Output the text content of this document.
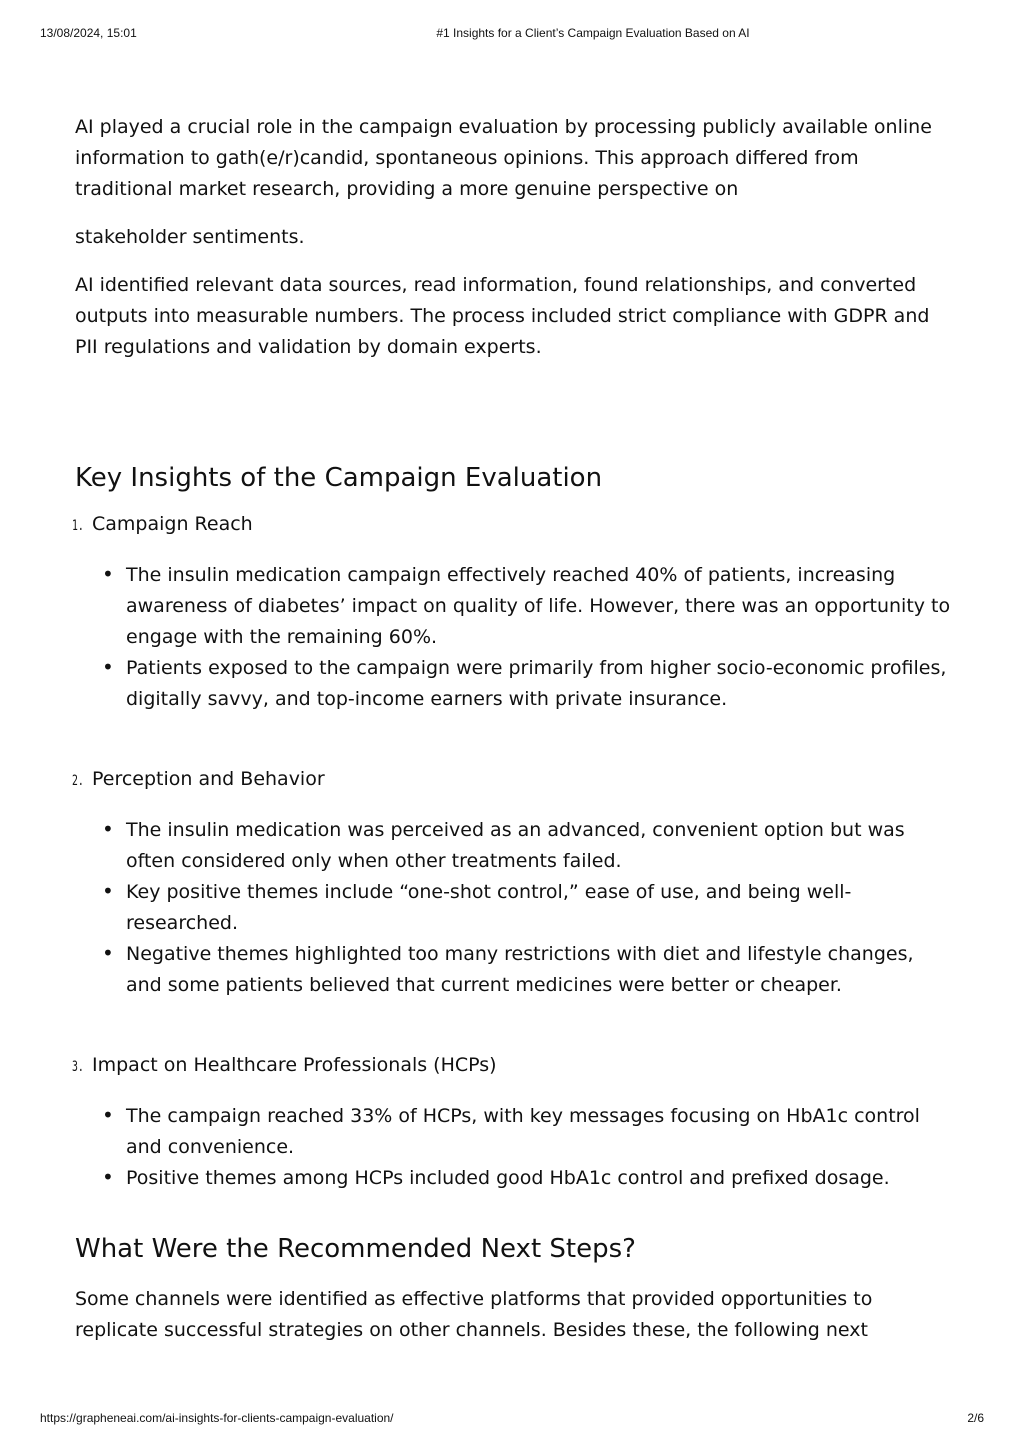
13/08/2024, 15:01	#1 Insights for a Client’s Campaign Evaluation Based on AI

AI played a crucial role in the campaign evaluation by processing publicly available online information to gath(e/r)candid, spontaneous opinions. This approach differed from traditional market research, providing a more genuine perspective on

stakeholder sentiments.

AI identified relevant data sources, read information, found relationships, and converted outputs into measurable numbers. The process included strict compliance with GDPR and PII regulations and validation by domain experts.

Key Insights of the Campaign Evaluation
1. Campaign Reach
• The insulin medication campaign effectively reached 40% of patients, increasing awareness of diabetes’ impact on quality of life. However, there was an opportunity to engage with the remaining 60%.
• Patients exposed to the campaign were primarily from higher socio-economic profiles, digitally savvy, and top-income earners with private insurance.
2. Perception and Behavior
• The insulin medication was perceived as an advanced, convenient option but was often considered only when other treatments failed.
• Key positive themes include “one-shot control,” ease of use, and being well-researched.
• Negative themes highlighted too many restrictions with diet and lifestyle changes, and some patients believed that current medicines were better or cheaper.
3. Impact on Healthcare Professionals (HCPs)
• The campaign reached 33% of HCPs, with key messages focusing on HbA1c control and convenience.
• Positive themes among HCPs included good HbA1c control and prefixed dosage.
What Were the Recommended Next Steps?

Some channels were identified as effective platforms that provided opportunities to replicate successful strategies on other channels. Besides these, the following next

https://grapheneai.com/ai-insights-for-clients-campaign-evaluation/	2/6
